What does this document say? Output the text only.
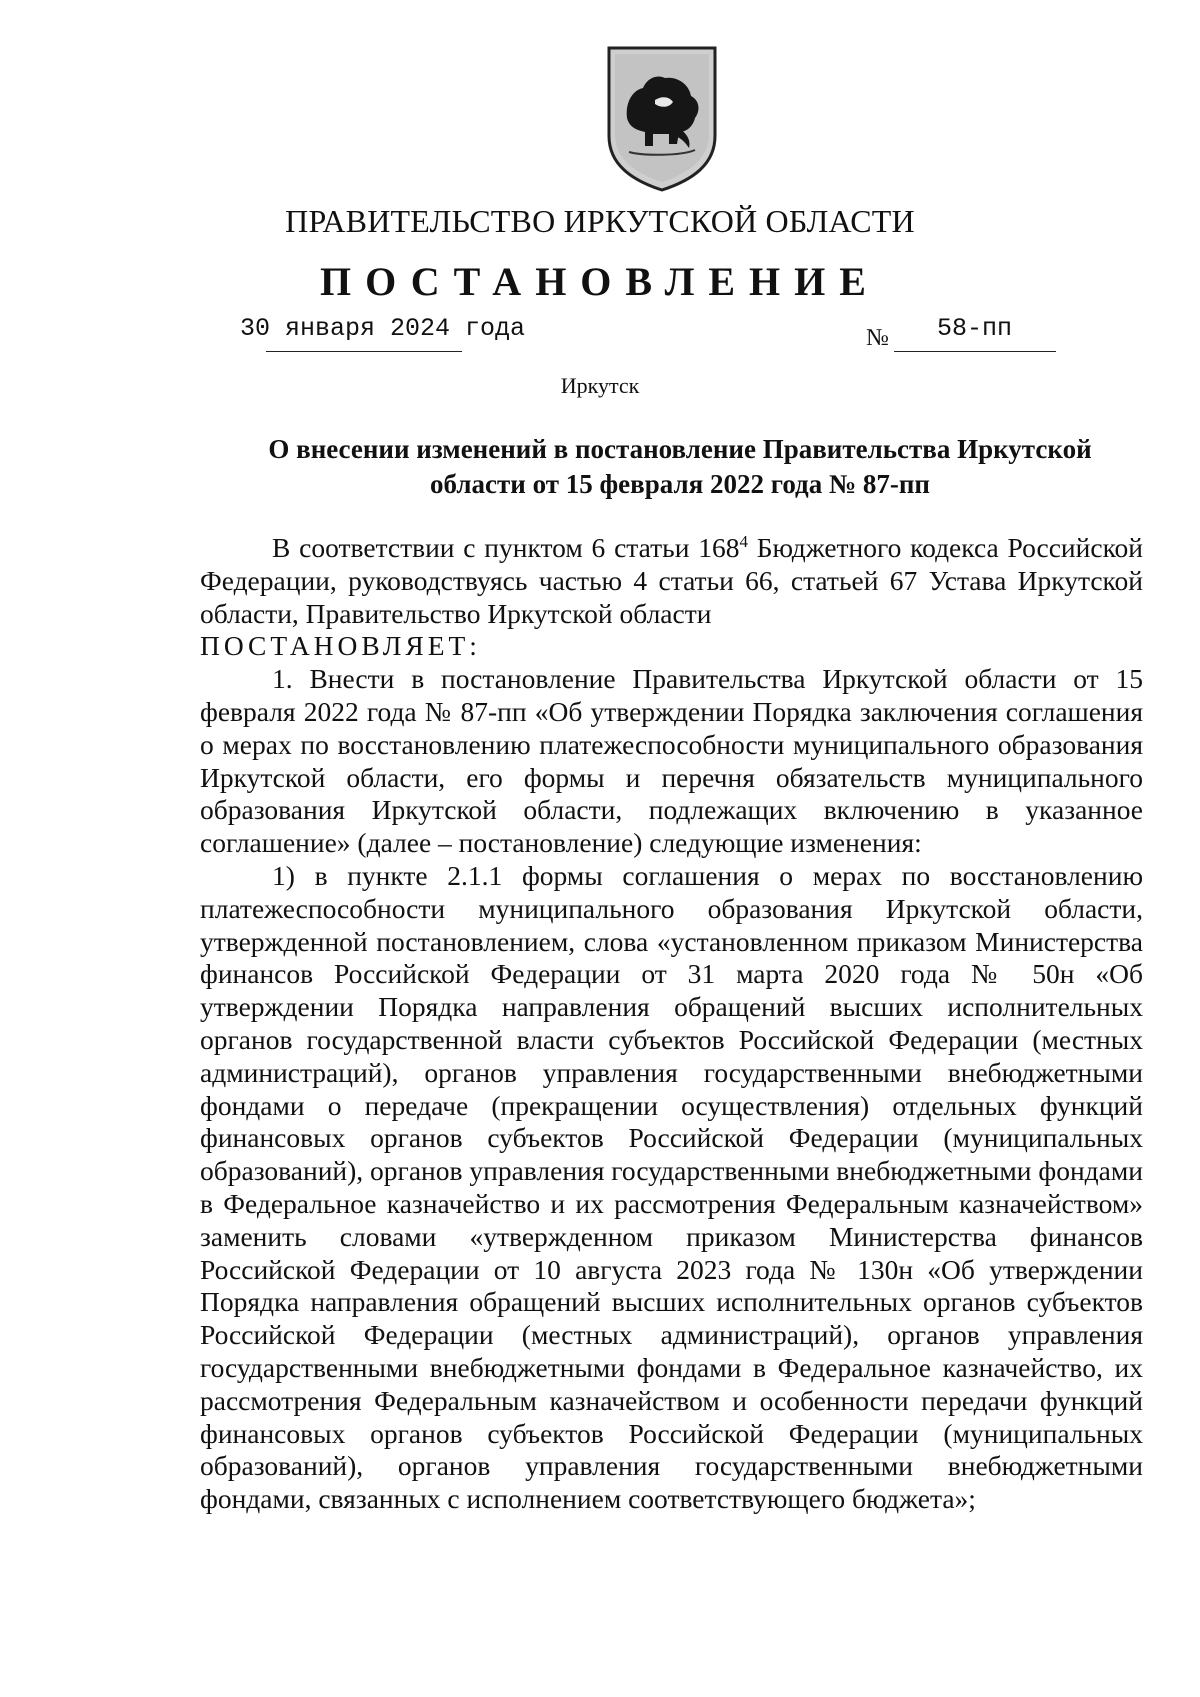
ПРАВИТЕЛЬСТВО ИРКУТСКОЙ ОБЛАСТИ
ПОСТАНОВЛЕНИЕ
30 января 2024 года	№ 58-пп
Иркутск
О внесении изменений в постановление Правительства Иркутской
области от 15 февраля 2022 года № 87-пп

В соответствии с пунктом 6 статьи $168^4$ Бюджетного кодекса Российской Федерации, руководствуясь частью 4 статьи 66, статьей 67 Устава Иркутской области, Правительство Иркутской области

ПОСТАНОВЛЯЕТ:

1. Внести в постановление Правительства Иркутской области от 15 февраля 2022 года № 87-пп «Об утверждении Порядка заключения соглашения о мерах по восстановлению платежеспособности муниципального образования Иркутской области, его формы и перечня обязательств муниципального образования Иркутской области, подлежащих включению в указанное соглашение» (далее – постановление) следующие изменения:

1) в пункте 2.1.1 формы соглашения о мерах по восстановлению платежеспособности муниципального образования Иркутской области, утвержденной постановлением, слова «установленном приказом Министерства финансов Российской Федерации от 31 марта 2020 года № 50н «Об утверждении Порядка направления обращений высших исполнительных органов государственной власти субъектов Российской Федерации (местных администраций), органов управления государственными внебюджетными фондами о передаче (прекращении осуществления) отдельных функций финансовых органов субъектов Российской Федерации (муниципальных образований), органов управления государственными внебюджетными фондами в Федеральное казначейство и их рассмотрения Федеральным казначейством» заменить словами «утвержденном приказом Министерства финансов Российской Федерации от 10 августа 2023 года № 130н «Об утверждении Порядка направления обращений высших исполнительных органов субъектов Российской Федерации (местных администраций), органов управления государственными внебюджетными фондами в Федеральное казначейство, их рассмотрения Федеральным казначейством и особенности передачи функций финансовых органов субъектов Российской Федерации (муниципальных образований), органов управления государственными внебюджетными фондами, связанных с исполнением соответствующего бюджета»;
